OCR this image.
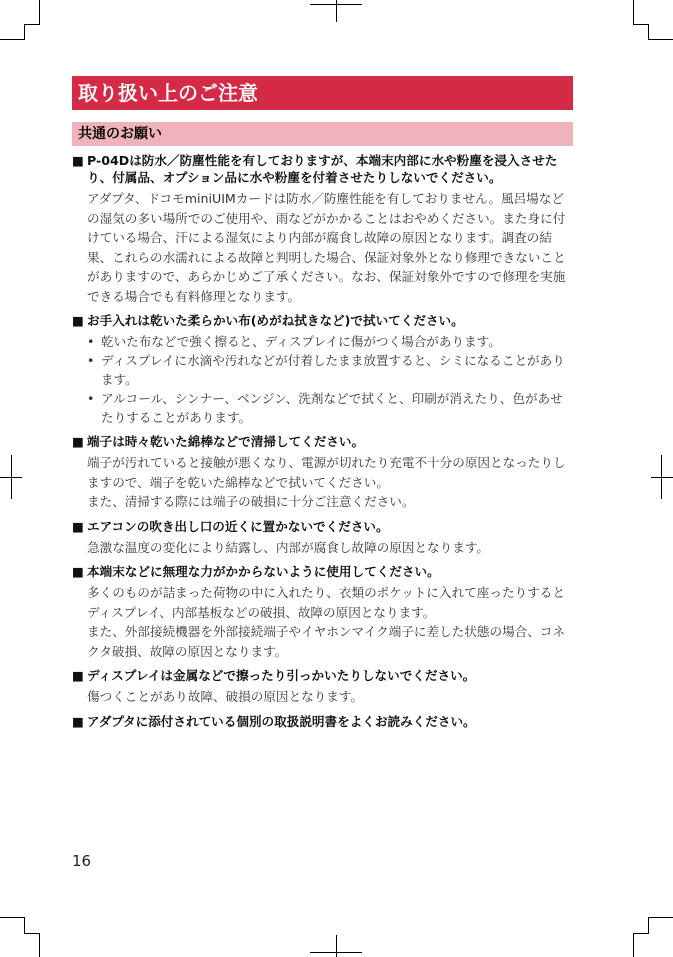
取り扱い上のご注意
共通のお願い
■ P-04Dは防水／防塵性能を有しておりますが、本端末内部に水や粉塵を浸入させたり、付属品、オプション品に水や粉塵を付着させたりしないでください。

アダプタ、ドコモminiUIMカードは防水／防塵性能を有しておりません。風呂場などの湿気の多い場所でのご使用や、雨などがかかることはおやめください。また身に付けている場合、汗による湿気により内部が腐食し故障の原因となります。調査の結果、これらの水濡れによる故障と判明した場合、保証対象外となり修理できないことがありますので、あらかじめご了承ください。なお、保証対象外ですので修理を実施できる場合でも有料修理となります。

■ お手入れは乾いた柔らかい布(めがね拭きなど)で拭いてください。
• 乾いた布などで強く擦ると、ディスプレイに傷がつく場合があります。
• ディスプレイに水滴や汚れなどが付着したまま放置すると、シミになることがあります。
• アルコール、シンナー、ベンジン、洗剤などで拭くと、印刷が消えたり、色があせたりすることがあります。
■ 端子は時々乾いた綿棒などで清掃してください。

端子が汚れていると接触が悪くなり、電源が切れたり充電不十分の原因となったりしますので、端子を乾いた綿棒などで拭いてください。

また、清掃する際には端子の破損に十分ご注意ください。

■ エアコンの吹き出し口の近くに置かないでください。

急激な温度の変化により結露し、内部が腐食し故障の原因となります。

■ 本端末などに無理な力がかからないように使用してください。

多くのものが詰まった荷物の中に入れたり、衣類のポケットに入れて座ったりするとディスプレイ、内部基板などの破損、故障の原因となります。

また、外部接続機器を外部接続端子やイヤホンマイク端子に差した状態の場合、コネクタ破損、故障の原因となります。

■ ディスプレイは金属などで擦ったり引っかいたりしないでください。

傷つくことがあり故障、破損の原因となります。

■ アダプタに添付されている個別の取扱説明書をよくお読みください。
16
